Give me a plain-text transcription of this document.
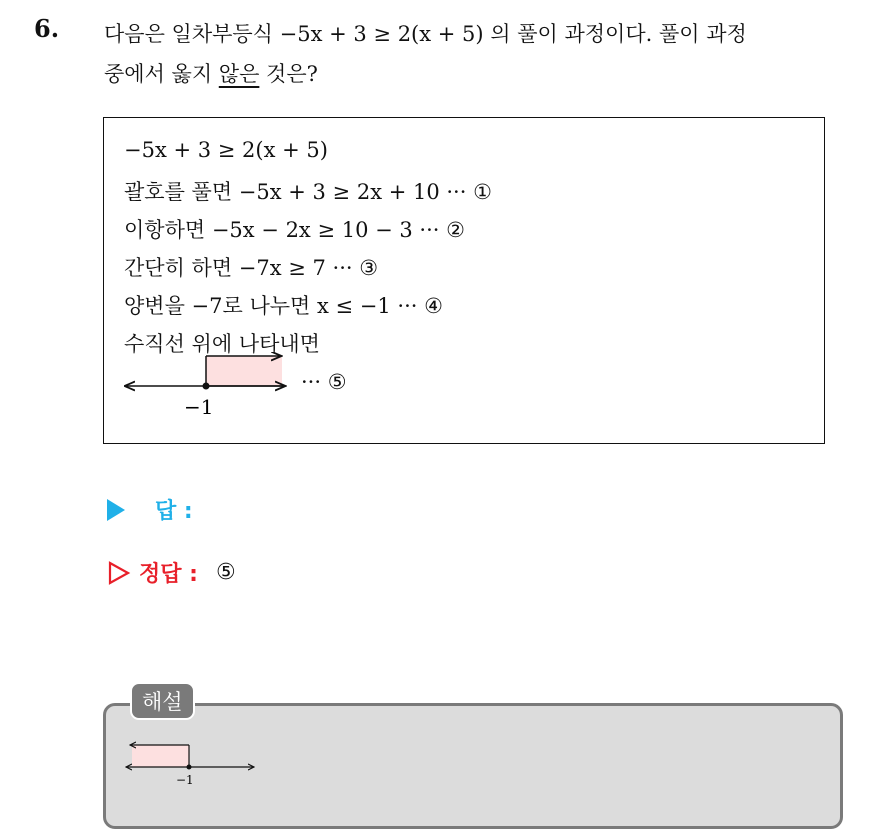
6. 다음은 일차부등식 −5x + 3 ≥ 2(x + 5) 의 풀이 과정이다. 풀이 과정
중에서 옳지 않은 것은?
−5x + 3 ≥ 2(x + 5)
괄호를 풀면 −5x + 3 ≥ 2x + 10 ··· ①
이항하면 −5x − 2x ≥ 10 − 3 ··· ②
간단히 하면 −7x ≥ 7 ··· ③
양변을 −7로 나누면 x ≤ −1 ··· ④
수직선 위에 나타내면
−1
··· ⑤
답 :
정답 : ⑤
해설
−1
